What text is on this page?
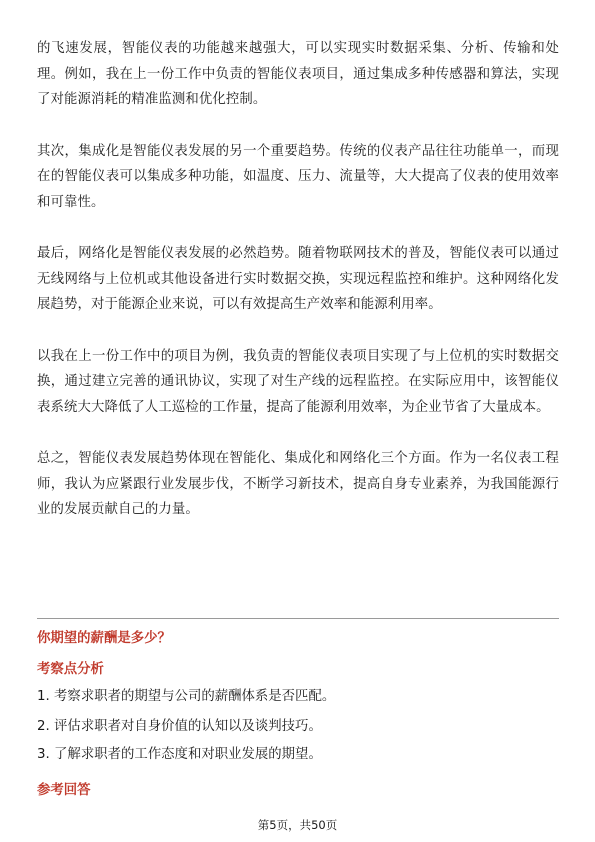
的飞速发展，智能仪表的功能越来越强大，可以实现实时数据采集、分析、传输和处理。例如，我在上一份工作中负责的智能仪表项目，通过集成多种传感器和算法，实现了对能源消耗的精准监测和优化控制。

其次，集成化是智能仪表发展的另一个重要趋势。传统的仪表产品往往功能单一，而现在的智能仪表可以集成多种功能，如温度、压力、流量等，大大提高了仪表的使用效率和可靠性。

最后，网络化是智能仪表发展的必然趋势。随着物联网技术的普及，智能仪表可以通过无线网络与上位机或其他设备进行实时数据交换，实现远程监控和维护。这种网络化发展趋势，对于能源企业来说，可以有效提高生产效率和能源利用率。

以我在上一份工作中的项目为例，我负责的智能仪表项目实现了与上位机的实时数据交换，通过建立完善的通讯协议，实现了对生产线的远程监控。在实际应用中，该智能仪表系统大大降低了人工巡检的工作量，提高了能源利用效率，为企业节省了大量成本。

总之，智能仪表发展趋势体现在智能化、集成化和网络化三个方面。作为一名仪表工程师，我认为应紧跟行业发展步伐，不断学习新技术，提高自身专业素养，为我国能源行业的发展贡献自己的力量。

你期望的薪酬是多少？
考察点分析
1. 考察求职者的期望与公司的薪酬体系是否匹配。
2. 评估求职者对自身价值的认知以及谈判技巧。
3. 了解求职者的工作态度和对职业发展的期望。
参考回答
第5页，共50页
